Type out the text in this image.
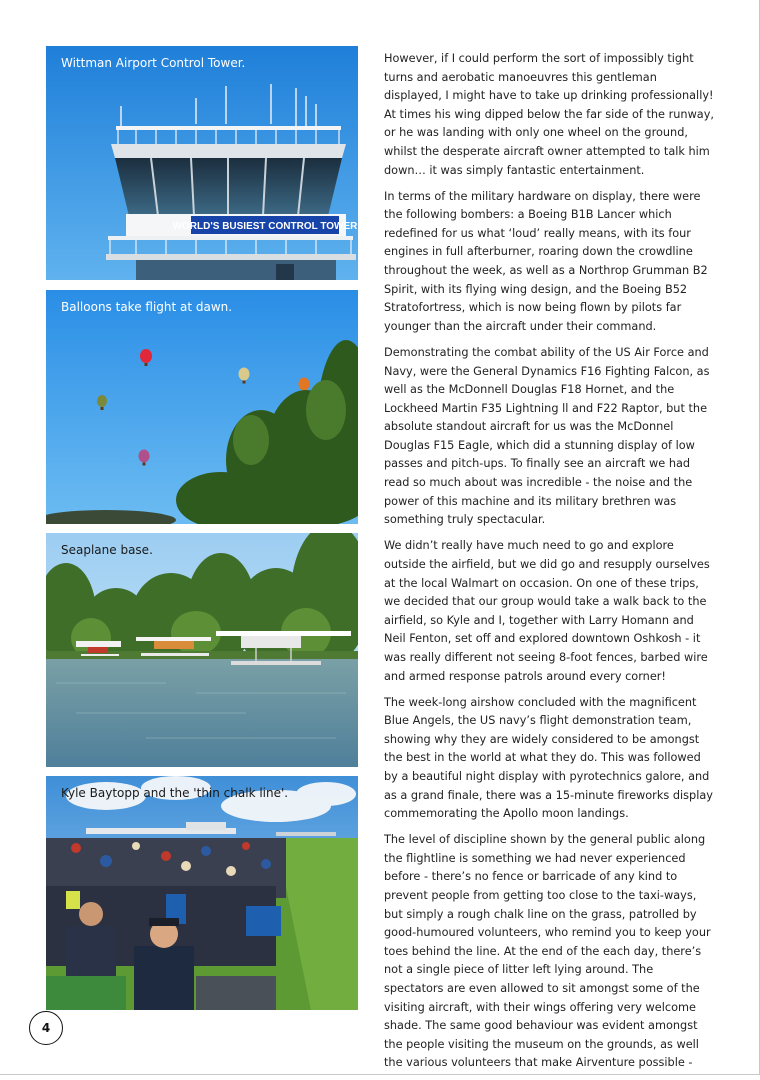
WORLD'S BUSIEST CONTROL TOWER
Wittman Airport Control Tower.
Balloons take flight at dawn.
Seaplane base.
Kyle Baytopp and the 'thin chalk line'.

However, if I could perform the sort of impossibly tight turns and aerobatic manoeuvres this gentleman displayed, I might have to take up drinking professionally! At times his wing dipped below the far side of the runway, or he was landing with only one wheel on the ground, whilst the desperate aircraft owner attempted to talk him down… it was simply fantastic entertainment.

In terms of the military hardware on display, there were the following bombers: a Boeing B1B Lancer which redefined for us what ‘loud’ really means, with its four engines in full afterburner, roaring down the crowdline throughout the week, as well as a Northrop Grumman B2 Spirit, with its flying wing design, and the Boeing B52 Stratofortress, which is now being flown by pilots far younger than the aircraft under their command.

Demonstrating the combat ability of the US Air Force and Navy, were the General Dynamics F16 Fighting Falcon, as well as the McDonnell Douglas F18 Hornet, and the Lockheed Martin F35 Lightning ll and F22 Raptor, but the absolute standout aircraft for us was the McDonnel Douglas F15 Eagle, which did a stunning display of low passes and pitch-ups. To finally see an aircraft we had read so much about was incredible - the noise and the power of this machine and its military brethren was something truly spectacular.

We didn’t really have much need to go and explore outside the airfield, but we did go and resupply ourselves at the local Walmart on occasion. On one of these trips, we decided that our group would take a walk back to the airfield, so Kyle and I, together with Larry Homann and Neil Fenton, set off and explored downtown Oshkosh - it was really different not seeing 8-foot fences, barbed wire and armed response patrols around every corner!

The week-long airshow concluded with the magnificent Blue Angels, the US navy’s flight demonstration team, showing why they are widely considered to be amongst the best in the world at what they do. This was followed by a beautiful night display with pyrotechnics galore, and as a grand finale, there was a 15-minute fireworks display commemorating the Apollo moon landings.

The level of discipline shown by the general public along the flightline is something we had never experienced before - there’s no fence or barricade of any kind to prevent people from getting too close to the taxi-ways, but simply a rough chalk line on the grass, patrolled by good-humoured volunteers, who remind you to keep your toes behind the line. At the end of the each day, there’s not a single piece of litter left lying around. The spectators are even allowed to sit amongst some of the visiting aircraft, with their wings offering very welcome shade. The same good behaviour was evident amongst the people visiting the museum on the grounds, as well the various volunteers that make Airventure possible -

4
